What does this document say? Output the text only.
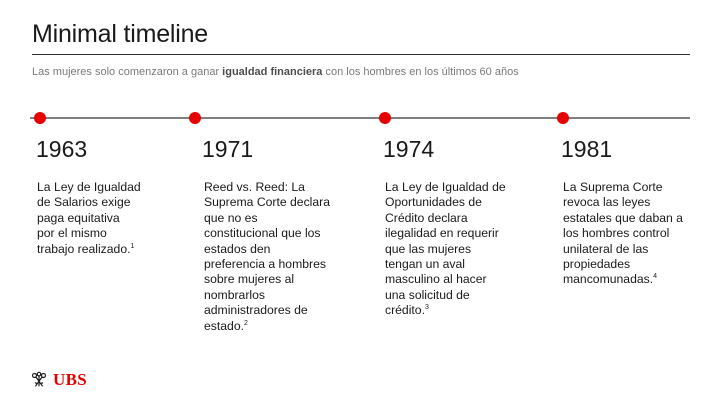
Minimal timeline
Las mujeres solo comenzaron a ganar igualdad financiera con los hombres en los últimos 60 años
1963	1971	1974	1981
La Ley de Igualdad
de Salarios exige
paga equitativa
por el mismo
trabajo realizado.$^1$
Reed vs. Reed: La
Suprema Corte declara
que no es
constitucional que los
estados den
preferencia a hombres
sobre mujeres al
nombrarlos
administradores de
estado.$^2$
La Ley de Igualdad de
Oportunidades de
Crédito declara
ilegalidad en requerir
que las mujeres
tengan un aval
masculino al hacer
una solicitud de
crédito.$^3$
La Suprema Corte
revoca las leyes
estatales que daban a
los hombres control
unilateral de las
propiedades
mancomunadas.$^4$
UBS
